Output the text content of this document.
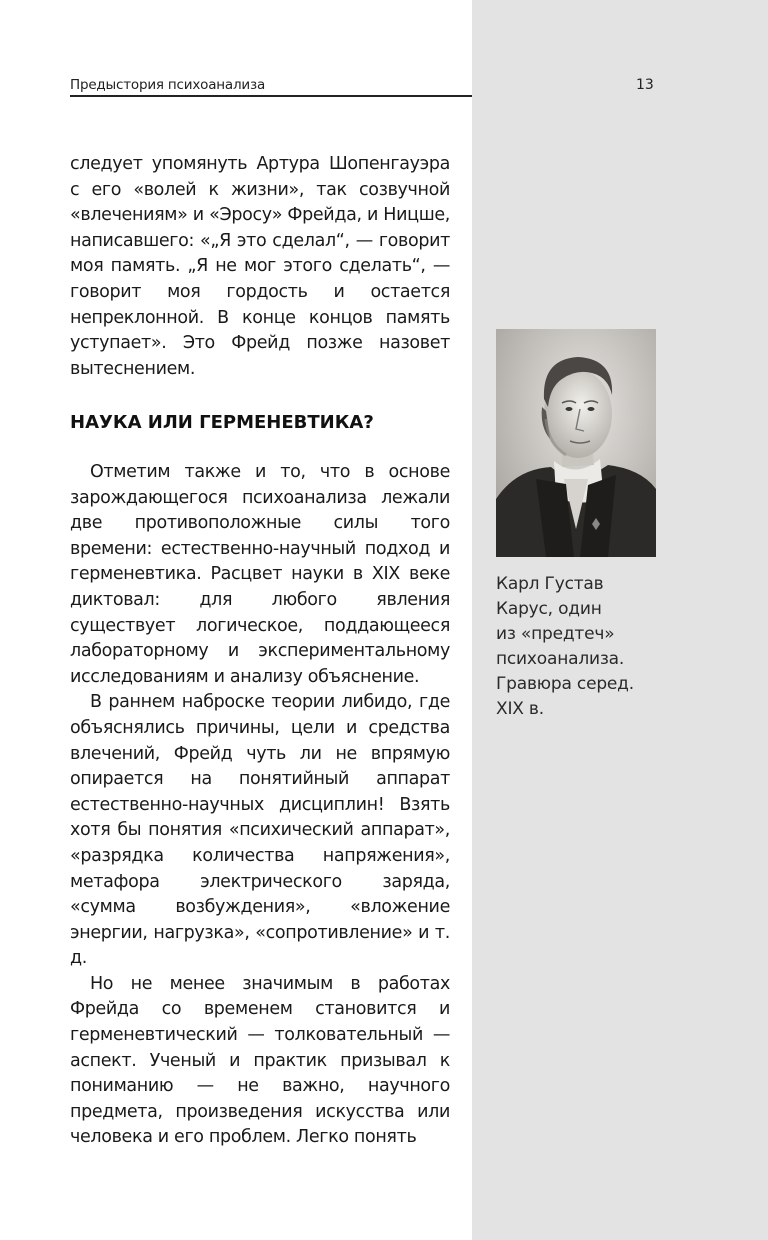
Предыстория психоанализа	13

следует упомянуть Артура Шопенгауэра с его «волей к жизни», так созвучной «влечениям» и «Эросу» Фрейда, и Ницше, написавшего: «„Я это сделал“, — говорит моя память. „Я не мог этого сделать“, — говорит моя гордость и остается непреклонной. В конце концов память уступает». Это Фрейд позже назовет вытеснением.

НАУКА ИЛИ ГЕРМЕНЕВТИКА?

Отметим также и то, что в основе зарождающегося психоанализа лежали две противоположные силы того времени: естественно-научный подход и герменевтика. Расцвет науки в XIX веке диктовал: для любого явления существует логическое, поддающееся лабораторному и экспериментальному исследованиям и анализу объяснение.

В раннем наброске теории либидо, где объяснялись причины, цели и средства влечений, Фрейд чуть ли не впрямую опирается на понятийный аппарат естественно-научных дисциплин! Взять хотя бы понятия «психический аппарат», «разрядка количества напряжения», метафора электрического заряда, «сумма возбуждения», «вложение энергии, нагрузка», «сопротивление» и т. д.

Но не менее значимым в работах Фрейда со временем становится и герменевтический — толковательный — аспект. Ученый и практик призывал к пониманию — не важно, научного предмета, произведения искусства или человека и его проблем. Легко понять

Карл Густав
Карус, один
из «предтеч»
психоанализа.
Гравюра серед.
XIX в.
